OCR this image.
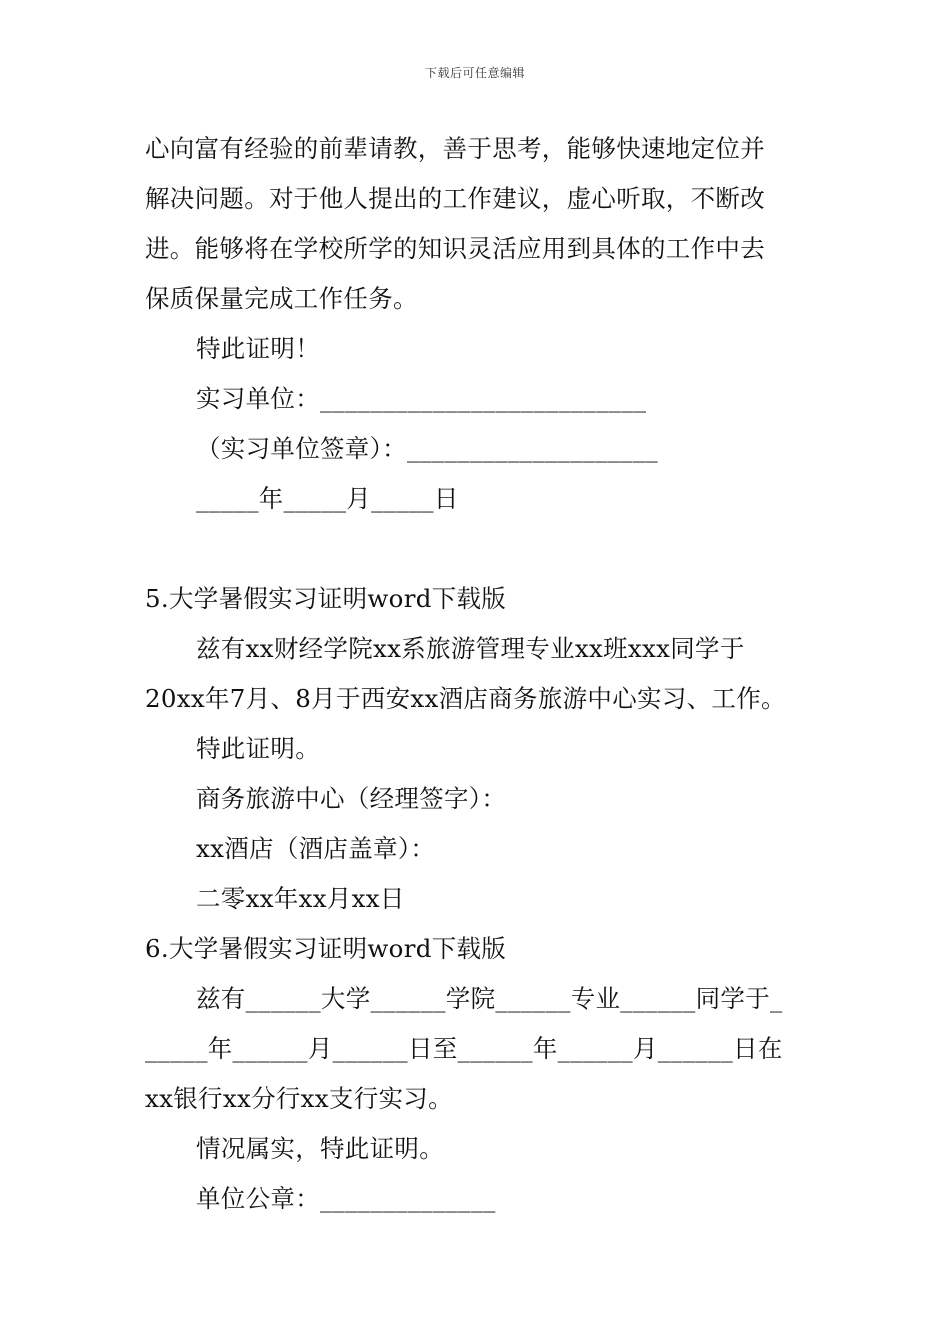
下载后可任意编辑
心向富有经验的前辈请教，善于思考，能够快速地定位并
解决问题。对于他人提出的工作建议，虚心听取，不断改
进。能够将在学校所学的知识灵活应用到具体的工作中去
保质保量完成工作任务。
特此证明！
实习单位：__________________________
（实习单位签章）：____________________
_____年_____月_____日
5.大学暑假实习证明word下载版
兹有xx财经学院xx系旅游管理专业xx班xxx同学于
20xx年7月、8月于西安xx酒店商务旅游中心实习、工作。
特此证明。
商务旅游中心（经理签字）：
xx酒店（酒店盖章）：
二零xx年xx月xx日
6.大学暑假实习证明word下载版
兹有______大学______学院______专业______同学于_
_____年______月______日至______年______月______日在
xx银行xx分行xx支行实习。
情况属实，特此证明。
单位公章：______________
